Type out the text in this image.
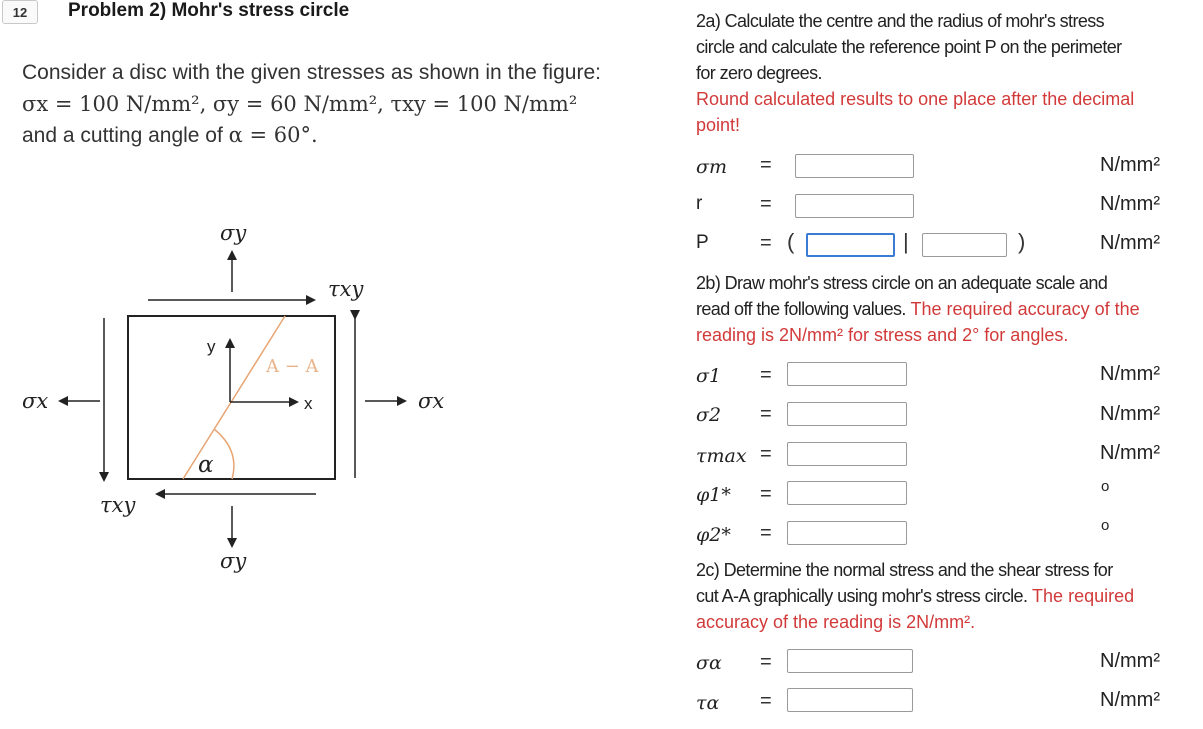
12	Problem 2) Mohr's stress circle
Consider a disc with the given stresses as shown in the figure:
σx = 100 N/mm², σy = 60 N/mm², τxy = 100 N/mm²
and a cutting angle of α = 60°.
σy
σy
σx	σx
τxy
τxy
y
x
A − A
α
2a) Calculate the centre and the radius of mohr's stress
circle and calculate the reference point P on the perimeter
for zero degrees.
Round calculated results to one place after the decimal
point!
σm =	N/mm²
r	=	N/mm²
P	= (	|	)	N/mm²
2b) Draw mohr's stress circle on an adequate scale and
read off the following values. The required accuracy of the
reading is 2N/mm² for stress and 2° for angles.
σ1 =	N/mm²
σ2 =	N/mm²
τmax =	N/mm²
φ1* =	o
φ2* =	o
2c) Determine the normal stress and the shear stress for
cut A-A graphically using mohr's stress circle. The required
accuracy of the reading is 2N/mm².
σα =	N/mm²
τα =	N/mm²
